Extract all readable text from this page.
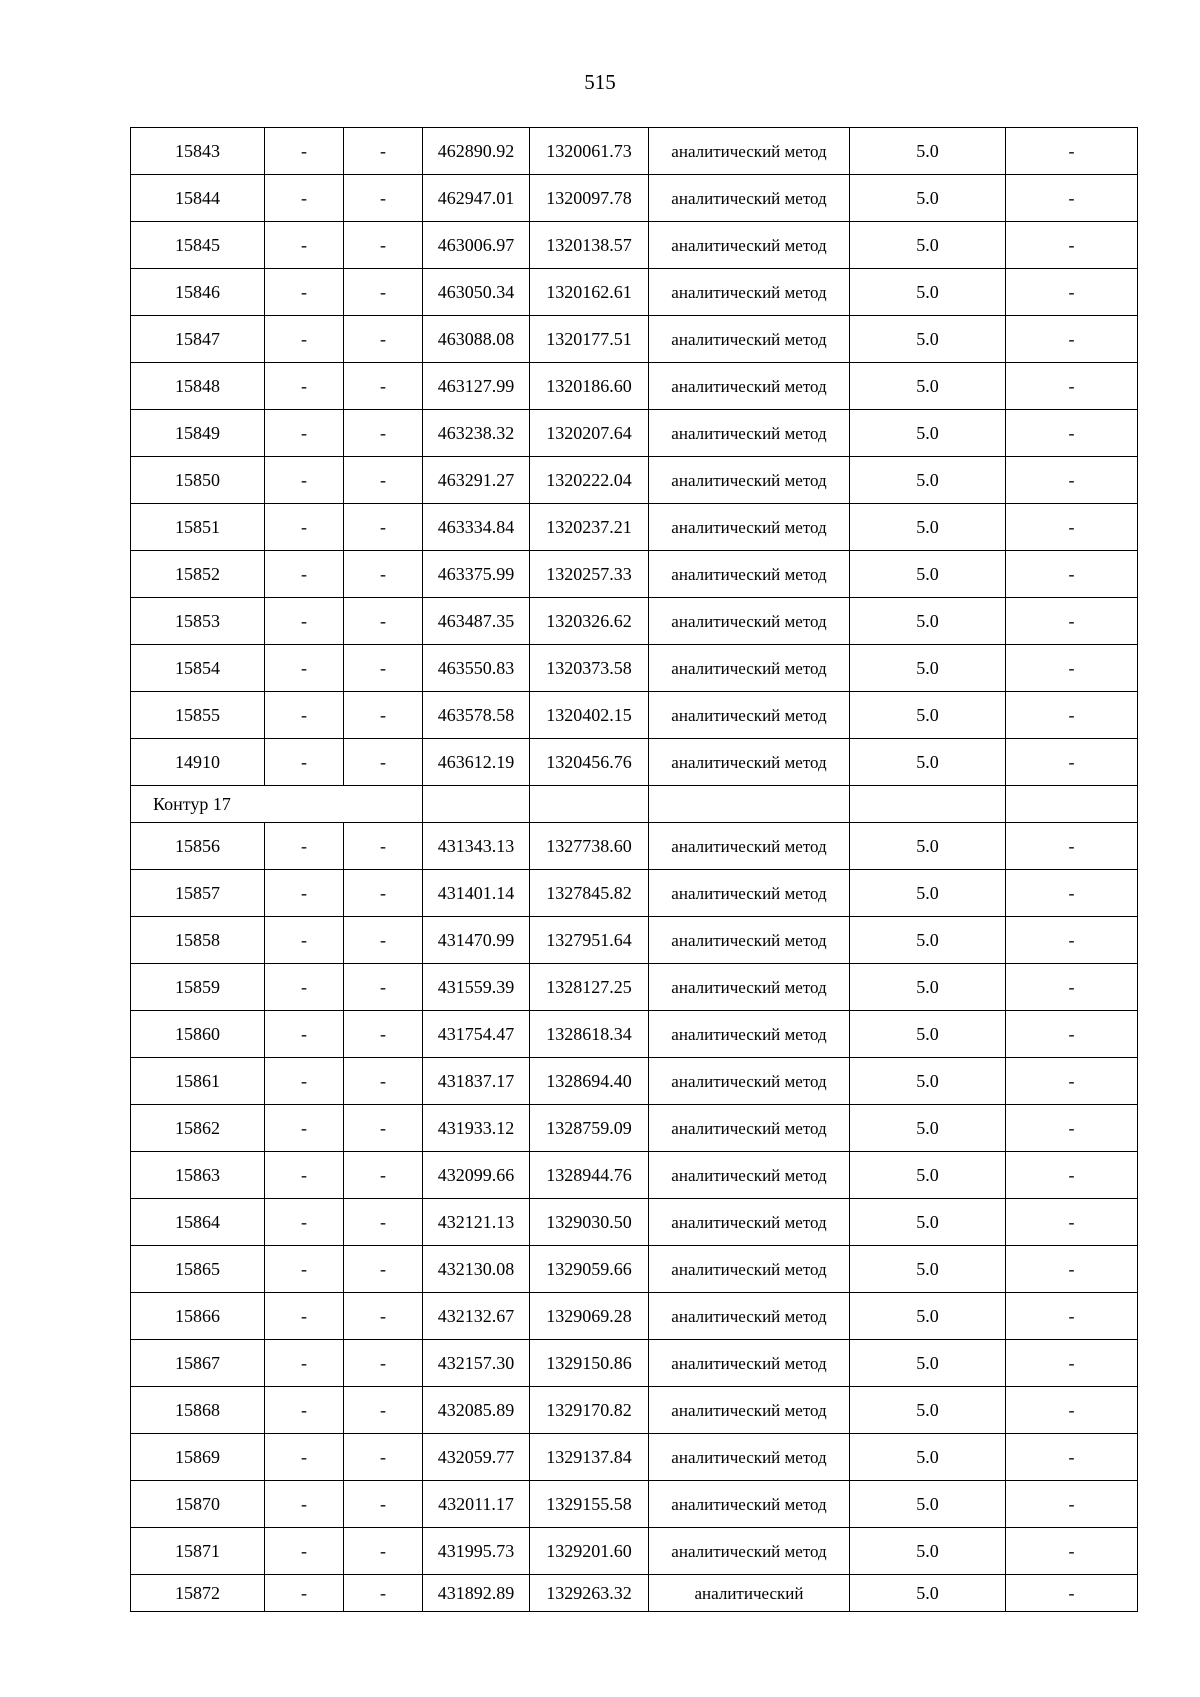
515
15843	-	-	462890.92	1320061.73	аналитический метод	5.0	-
15844	-	-	462947.01	1320097.78	аналитический метод	5.0	-
15845	-	-	463006.97	1320138.57	аналитический метод	5.0	-
15846	-	-	463050.34	1320162.61	аналитический метод	5.0	-
15847	-	-	463088.08	1320177.51	аналитический метод	5.0	-
15848	-	-	463127.99	1320186.60	аналитический метод	5.0	-
15849	-	-	463238.32	1320207.64	аналитический метод	5.0	-
15850	-	-	463291.27	1320222.04	аналитический метод	5.0	-
15851	-	-	463334.84	1320237.21	аналитический метод	5.0	-
15852	-	-	463375.99	1320257.33	аналитический метод	5.0	-
15853	-	-	463487.35	1320326.62	аналитический метод	5.0	-
15854	-	-	463550.83	1320373.58	аналитический метод	5.0	-
15855	-	-	463578.58	1320402.15	аналитический метод	5.0	-
14910	-	-	463612.19	1320456.76	аналитический метод	5.0	-
Контур 17							
15856	-	-	431343.13	1327738.60	аналитический метод	5.0	-
15857	-	-	431401.14	1327845.82	аналитический метод	5.0	-
15858	-	-	431470.99	1327951.64	аналитический метод	5.0	-
15859	-	-	431559.39	1328127.25	аналитический метод	5.0	-
15860	-	-	431754.47	1328618.34	аналитический метод	5.0	-
15861	-	-	431837.17	1328694.40	аналитический метод	5.0	-
15862	-	-	431933.12	1328759.09	аналитический метод	5.0	-
15863	-	-	432099.66	1328944.76	аналитический метод	5.0	-
15864	-	-	432121.13	1329030.50	аналитический метод	5.0	-
15865	-	-	432130.08	1329059.66	аналитический метод	5.0	-
15866	-	-	432132.67	1329069.28	аналитический метод	5.0	-
15867	-	-	432157.30	1329150.86	аналитический метод	5.0	-
15868	-	-	432085.89	1329170.82	аналитический метод	5.0	-
15869	-	-	432059.77	1329137.84	аналитический метод	5.0	-
15870	-	-	432011.17	1329155.58	аналитический метод	5.0	-
15871	-	-	431995.73	1329201.60	аналитический метод	5.0	-
15872	-	-	431892.89	1329263.32	аналитический	5.0	-
